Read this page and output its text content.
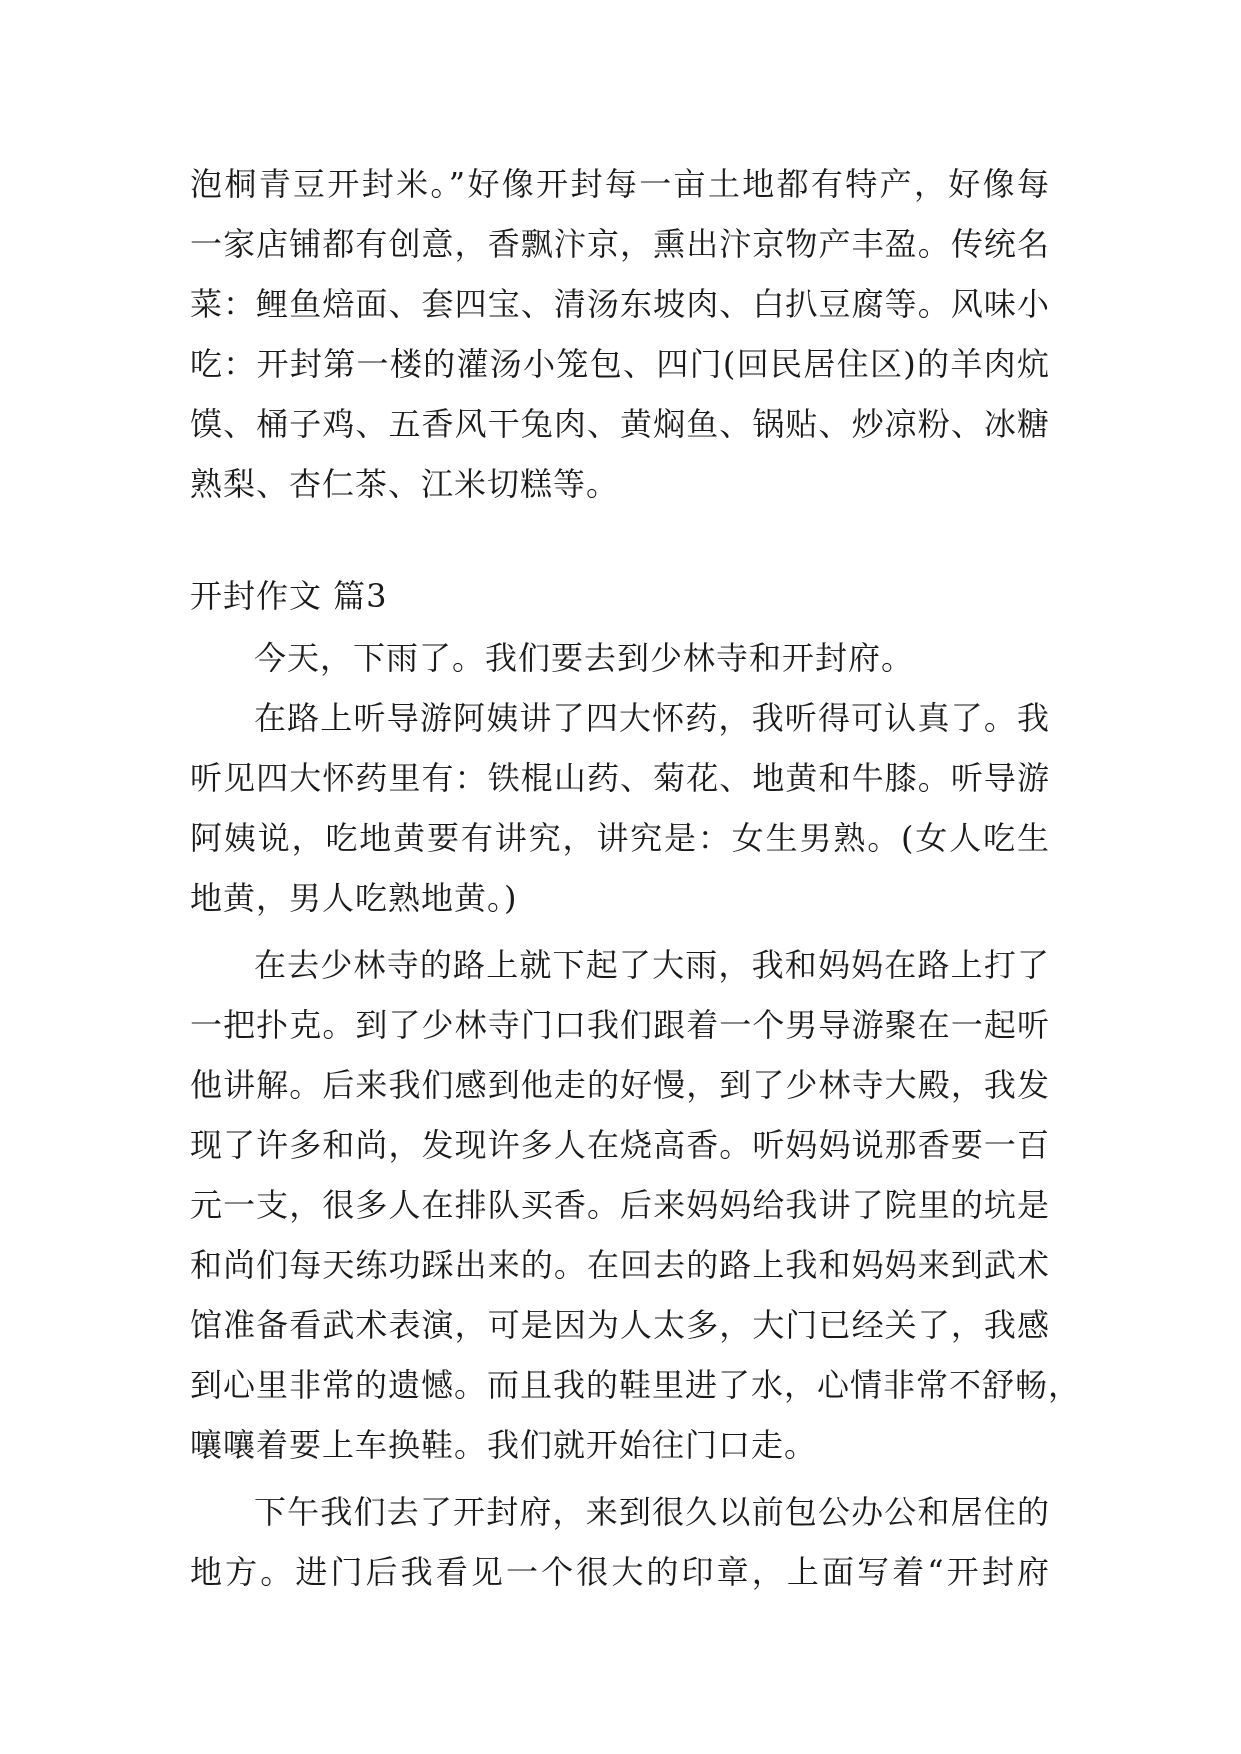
泡桐青豆开封米。”好像开封每一亩土地都有特产，好像每
一家店铺都有创意，香飘汴京，熏出汴京物产丰盈。传统名
菜：鲤鱼焙面、套四宝、清汤东坡肉、白扒豆腐等。风味小
吃：开封第一楼的灌汤小笼包、四门(回民居住区)的羊肉炕
馍、桶子鸡、五香风干兔肉、黄焖鱼、锅贴、炒凉粉、冰糖
熟梨、杏仁茶、江米切糕等。
开封作文 篇3
今天，下雨了。我们要去到少林寺和开封府。
在路上听导游阿姨讲了四大怀药，我听得可认真了。我
听见四大怀药里有：铁棍山药、菊花、地黄和牛膝。听导游
阿姨说，吃地黄要有讲究，讲究是：女生男熟。(女人吃生
地黄，男人吃熟地黄。)
在去少林寺的路上就下起了大雨，我和妈妈在路上打了
一把扑克。到了少林寺门口我们跟着一个男导游聚在一起听
他讲解。后来我们感到他走的好慢，到了少林寺大殿，我发
现了许多和尚，发现许多人在烧高香。听妈妈说那香要一百
元一支，很多人在排队买香。后来妈妈给我讲了院里的坑是
和尚们每天练功踩出来的。在回去的路上我和妈妈来到武术
馆准备看武术表演，可是因为人太多，大门已经关了，我感
到心里非常的遗憾。而且我的鞋里进了水，心情非常不舒畅，
嚷嚷着要上车换鞋。我们就开始往门口走。
下午我们去了开封府，来到很久以前包公办公和居住的
地方。进门后我看见一个很大的印章，上面写着“开封府
